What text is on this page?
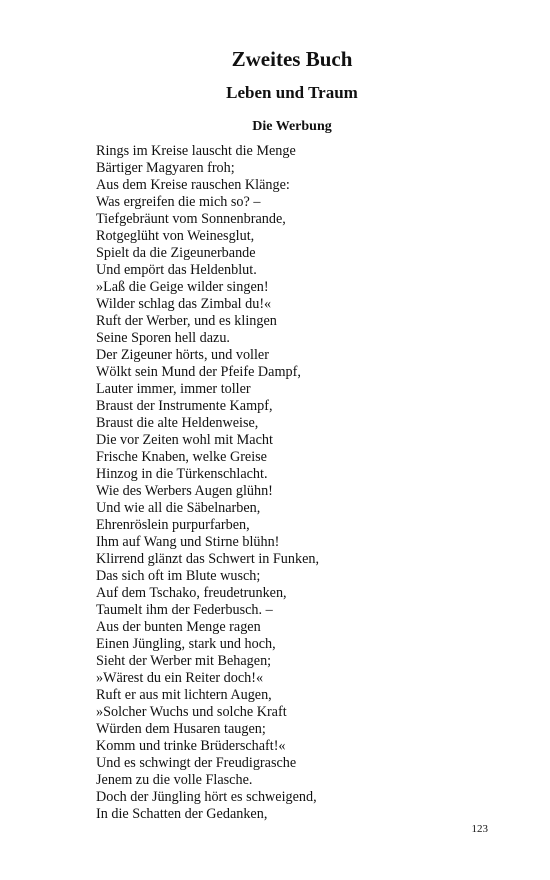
Zweites Buch
Leben und Traum
Die Werbung
Rings im Kreise lauscht die Menge
Bärtiger Magyaren froh;
Aus dem Kreise rauschen Klänge:
Was ergreifen die mich so? –
Tiefgebräunt vom Sonnenbrande,
Rotgeglüht von Weinesglut,
Spielt da die Zigeunerbande
Und empört das Heldenblut.
»Laß die Geige wilder singen!
Wilder schlag das Zimbal du!«
Ruft der Werber, und es klingen
Seine Sporen hell dazu.
Der Zigeuner hörts, und voller
Wölkt sein Mund der Pfeife Dampf,
Lauter immer, immer toller
Braust der Instrumente Kampf,
Braust die alte Heldenweise,
Die vor Zeiten wohl mit Macht
Frische Knaben, welke Greise
Hinzog in die Türkenschlacht.
Wie des Werbers Augen glühn!
Und wie all die Säbelnarben,
Ehrenröslein purpurfarben,
Ihm auf Wang und Stirne blühn!
Klirrend glänzt das Schwert in Funken,
Das sich oft im Blute wusch;
Auf dem Tschako, freudetrunken,
Taumelt ihm der Federbusch. –
Aus der bunten Menge ragen
Einen Jüngling, stark und hoch,
Sieht der Werber mit Behagen;
»Wärest du ein Reiter doch!«
Ruft er aus mit lichtern Augen,
»Solcher Wuchs und solche Kraft
Würden dem Husaren taugen;
Komm und trinke Brüderschaft!«
Und es schwingt der Freudigrasche
Jenem zu die volle Flasche.
Doch der Jüngling hört es schweigend,
In die Schatten der Gedanken,
123
